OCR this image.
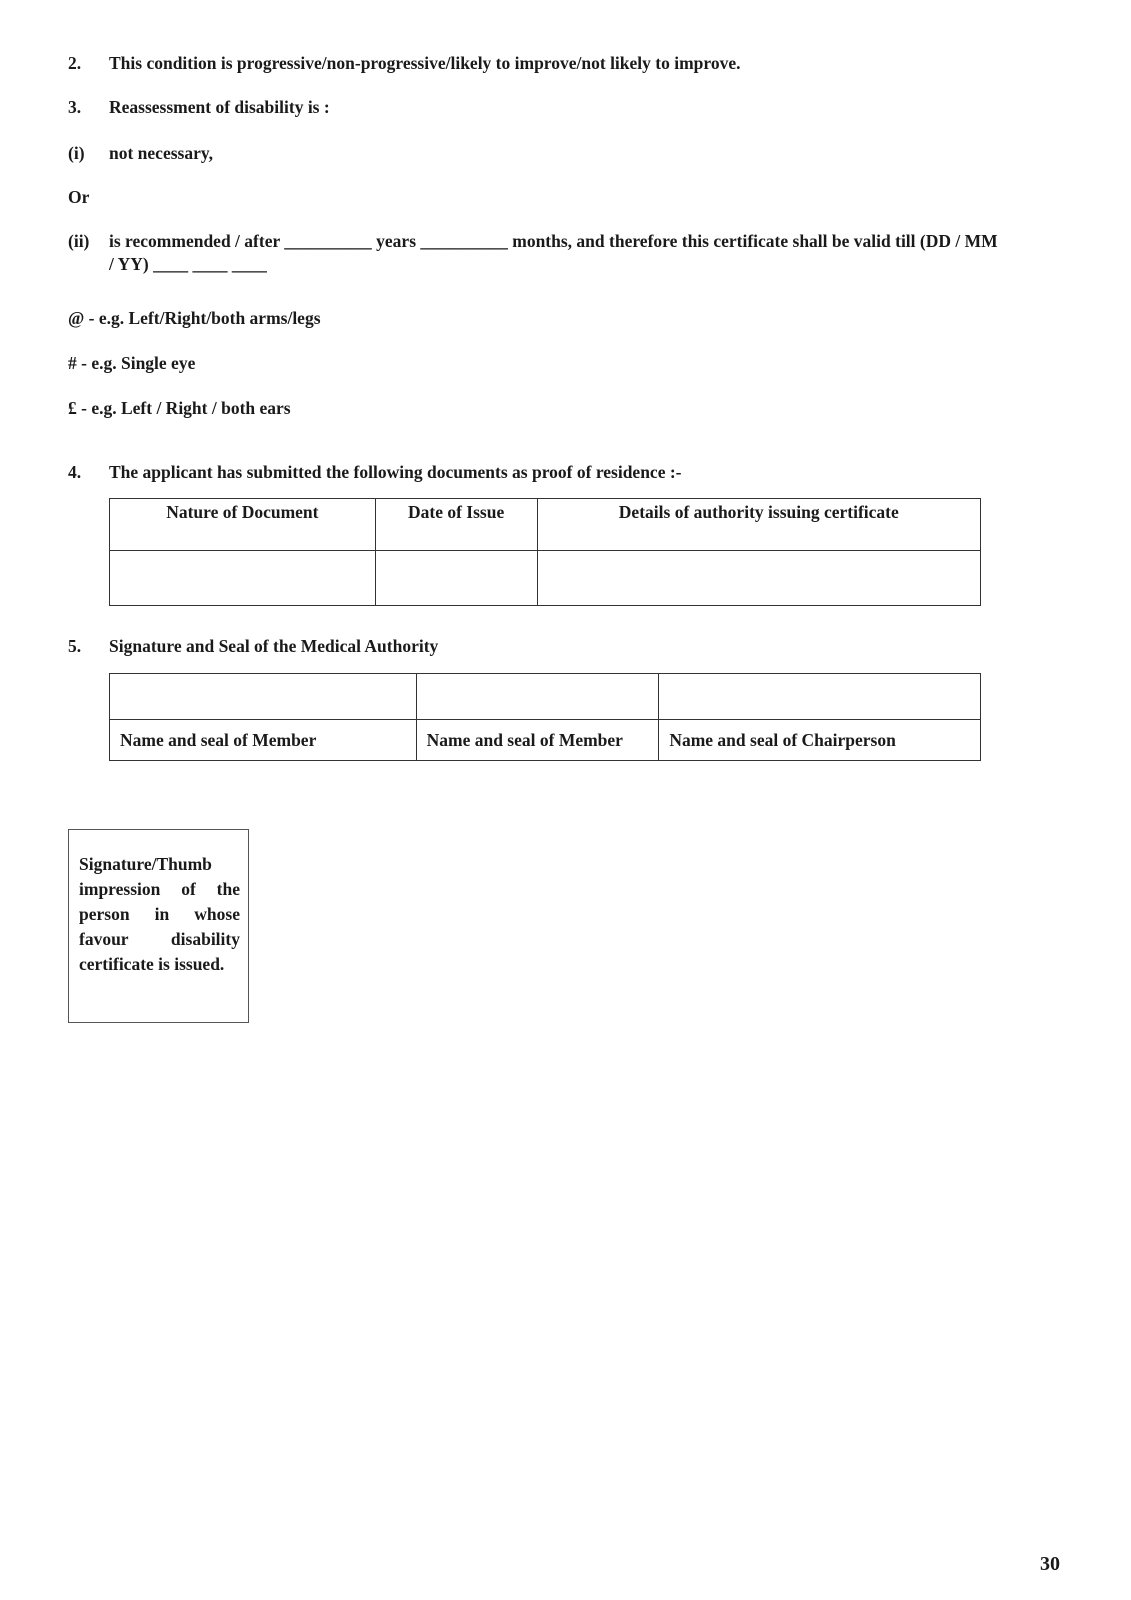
2. This condition is progressive/non-progressive/likely to improve/not likely to improve.
3. Reassessment of disability is :
(i) not necessary,
Or
(ii) is recommended / after __________ years __________ months, and therefore this certificate shall be valid till (DD / MM
/ YY) ____ ____ ____
@ - e.g. Left/Right/both arms/legs
# - e.g. Single eye
£ - e.g. Left / Right / both ears
4. The applicant has submitted the following documents as proof of residence :-
Nature of Document	Date of Issue	Details of authority issuing certificate

5. Signature and Seal of the Medical Authority

Name and seal of Member	Name and seal of Member	Name and seal of Chairperson
Signature/Thumb impression of the person in whose favour disability certificate is issued.
30
